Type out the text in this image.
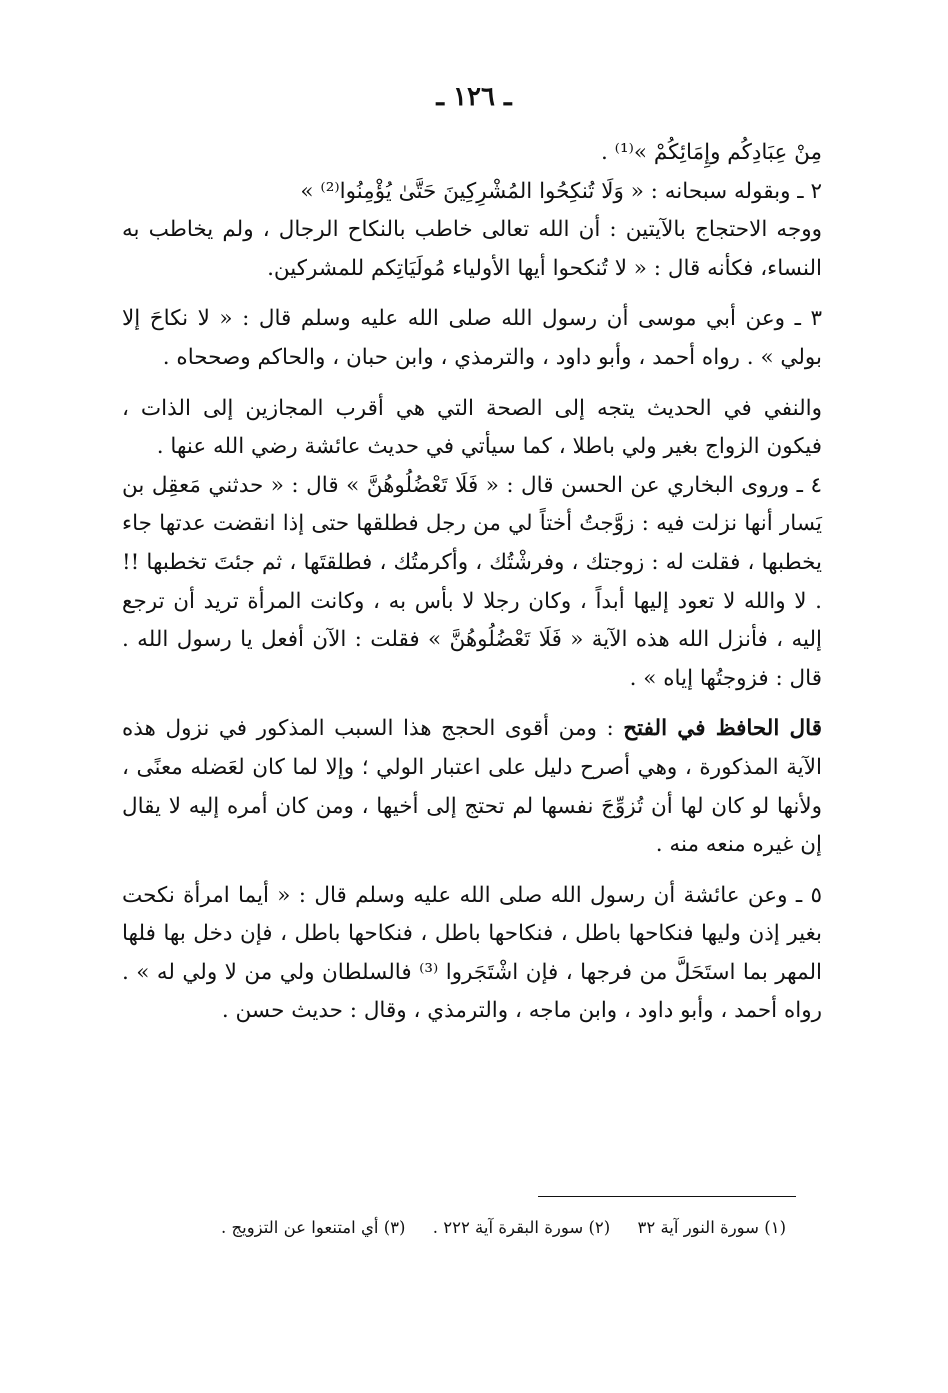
ـ ١٢٦ ـ

مِنْ عِبَادِكُم وإِمَائِكُمْ »⁽¹⁾ .

٢ ـ وبقوله سبحانه : « وَلَا تُنكِحُوا المُشْرِكِينَ حَتَّىٰ يُؤْمِنُوا⁽²⁾ »

ووجه الاحتجاج بالآيتين : أن الله تعالى خاطب بالنكاح الرجال ، ولم يخاطب به النساء، فكأنه قال : « لا تُنكحوا أيها الأولياء مُولَيَاتِكم للمشركين.

٣ ـ وعن أبي موسى أن رسول الله صلى الله عليه وسلم قال : « لا نكاحَ إلا بولي » . رواه أحمد ، وأبو داود ، والترمذي ، وابن حبان ، والحاكم وصححاه .

والنفي في الحديث يتجه إلى الصحة التي هي أقرب المجازين إلى الذات ، فيكون الزواج بغير ولي باطلا ، كما سيأتي في حديث عائشة رضي الله عنها .

٤ ـ وروى البخاري عن الحسن قال : « فَلَا تَعْضُلُوهُنَّ » قال : « حدثني مَعقِل بن يَسار أنها نزلت فيه : زوَّجتُ أختاً لي من رجل فطلقها حتى إذا انقضت عدتها جاء يخطبها ، فقلت له : زوجتك ، وفرشْتُك ، وأكرمتُك ، فطلقتَها ، ثم جئتَ تخطبها !! . لا والله لا تعود إليها أبداً ، وكان رجلا لا بأس به ، وكانت المرأة تريد أن ترجع إليه ، فأنزل الله هذه الآية « فَلَا تَعْضُلُوهُنَّ » فقلت : الآن أفعل يا رسول الله . قال : فزوجتُها إياه » .

قال الحافظ في الفتح : ومن أقوى الحجج هذا السبب المذكور في نزول هذه الآية المذكورة ، وهي أصرح دليل على اعتبار الولي ؛ وإلا لما كان لعَضله معنًى ، ولأنها لو كان لها أن تُزوِّجَ نفسها لم تحتج إلى أخيها ، ومن كان أمره إليه لا يقال إن غيره منعه منه .

٥ ـ وعن عائشة أن رسول الله صلى الله عليه وسلم قال : « أيما امرأة نكحت بغير إذن وليها فنكاحها باطل ، فنكاحها باطل ، فنكاحها باطل ، فإن دخل بها فلها المهر بما استَحَلَّ من فرجها ، فإن اشْتَجَروا ⁽³⁾ فالسلطان ولي من لا ولي له » . رواه أحمد ، وأبو داود ، وابن ماجه ، والترمذي ، وقال : حديث حسن .

(١) سورة النور آية ٣٢ (٢) سورة البقرة آية ٢٢٢ . (٣) أي امتنعوا عن التزويج .
